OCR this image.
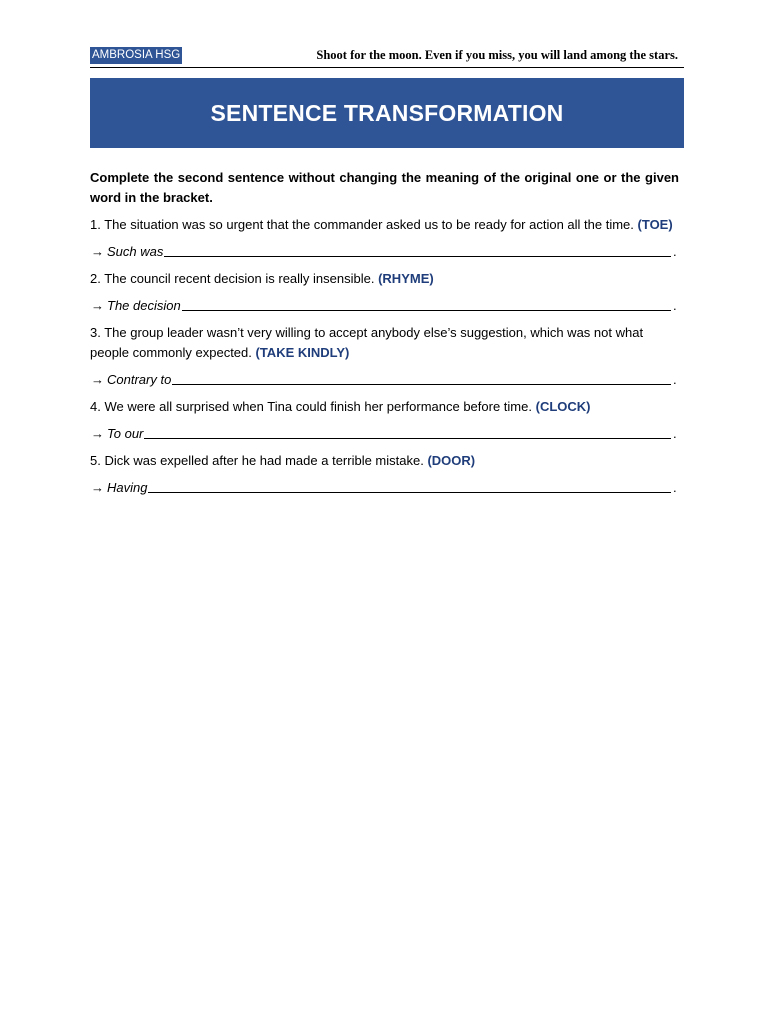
AMBROSIA HSG	Shoot for the moon. Even if you miss, you will land among the stars.
SENTENCE TRANSFORMATION

Complete the second sentence without changing the meaning of the original one or the given word in the bracket.

1. The situation was so urgent that the commander asked us to be ready for action all the time. (TOE)

→ Such was	.

2. The council recent decision is really insensible. (RHYME)

→ The decision	.

3. The group leader wasn’t very willing to accept anybody else’s suggestion, which was not what people commonly expected. (TAKE KINDLY)

→ Contrary to	.

4. We were all surprised when Tina could finish her performance before time. (CLOCK)

→ To our	.

5. Dick was expelled after he had made a terrible mistake. (DOOR)

→ Having	.
